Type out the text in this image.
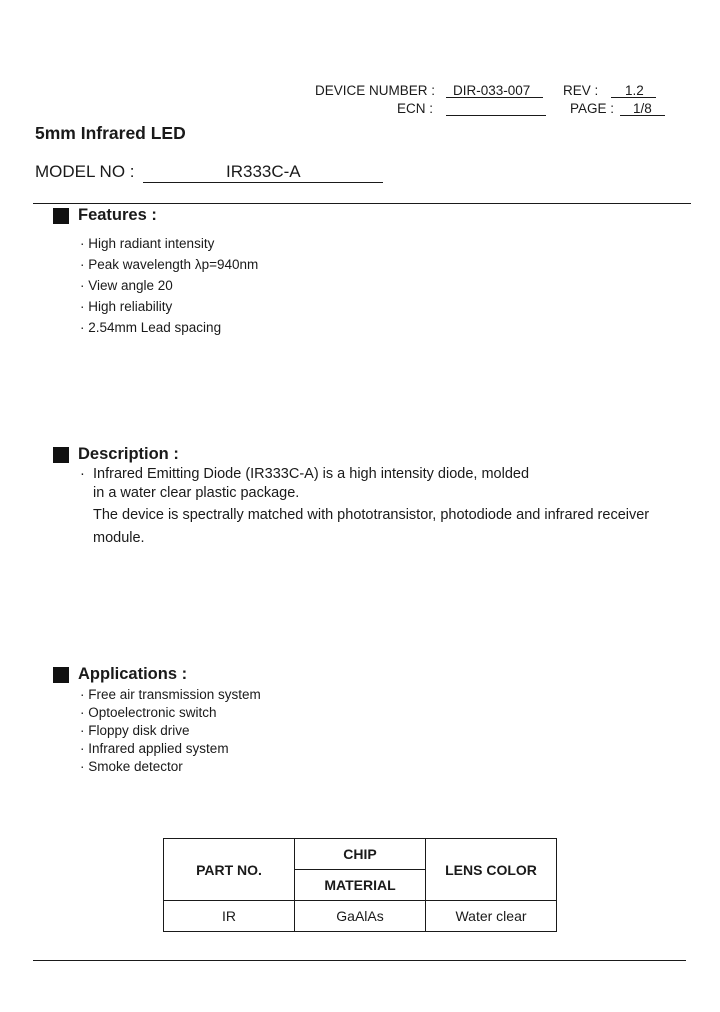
DEVICE NUMBER : DIR-033-007 REV : 1.2
ECN :	PAGE : 1/8
5mm Infrared LED
MODEL NO :	IR333C-A
Features :
· High radiant intensity
· Peak wavelength λp=940nm
· View angle 20
· High reliability
· 2.54mm Lead spacing
Description :
· Infrared Emitting Diode (IR333C-A) is a high intensity diode, molded
in a water clear plastic package.
The device is spectrally matched with phototransistor, photodiode and infrared receiver
module.
Applications :
· Free air transmission system
· Optoelectronic switch
· Floppy disk drive
· Infrared applied system
· Smoke detector
PART NO.	CHIP	LENS COLOR
	MATERIAL	
IR	GaAlAs	Water clear
